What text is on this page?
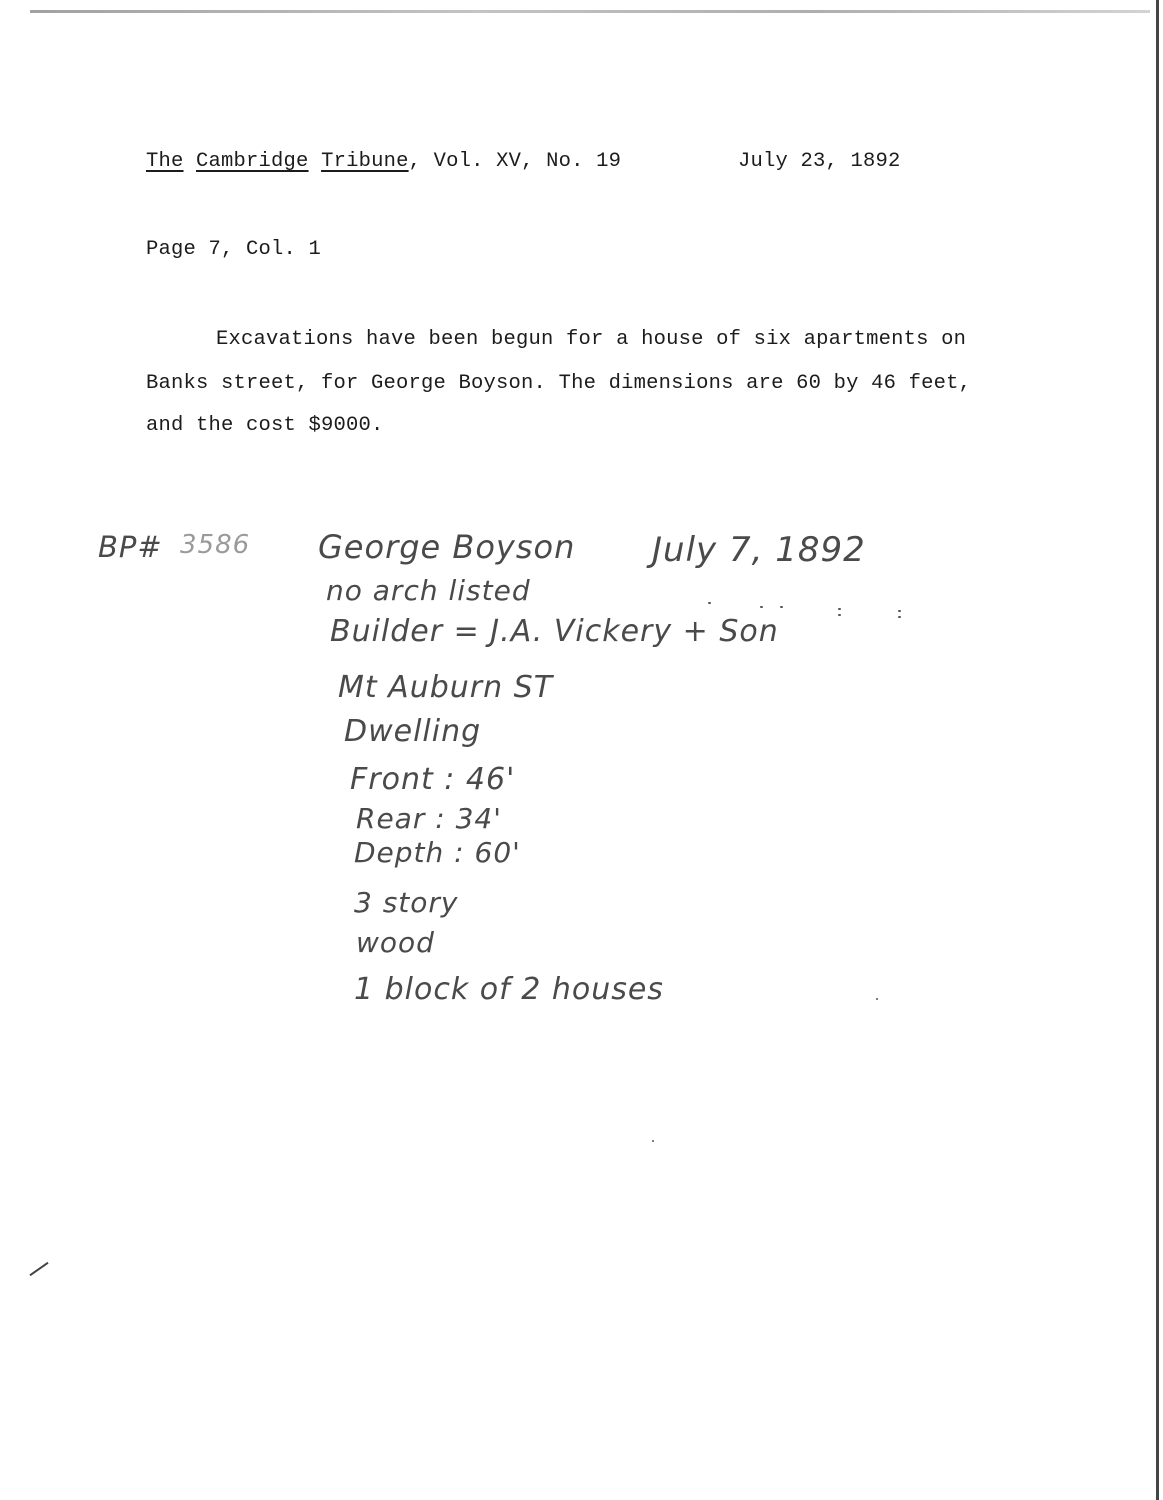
The Cambridge Tribune, Vol. XV, No. 19	July 23, 1892
Page 7, Col. 1
Excavations have been begun for a house of six apartments on
Banks street, for George Boyson. The dimensions are 60 by 46 feet,
and the cost $9000.
BP# 3586 George Boyson July 7, 1892
no arch listed
Builder = J.A. Vickery + Son
Mt Auburn ST
Dwelling
Front : 46'
Rear : 34'
Depth : 60'
3 story
wood
1 block of 2 houses
